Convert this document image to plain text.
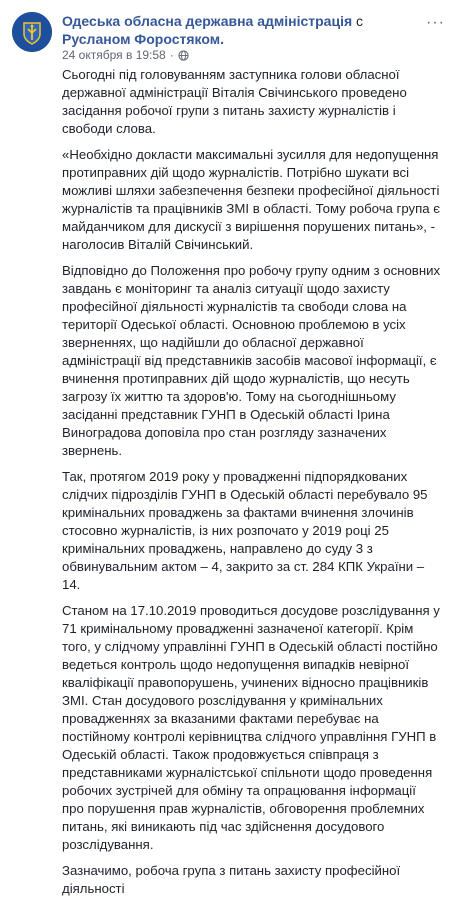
Одеська обласна державна адміністрація с Русланом Форостяком.
24 октября в 19:58 ·
···

Сьогодні під головуванням заступника голови обласної державної адміністрації Віталія Свічинського проведено засідання робочої групи з питань захисту журналістів і свободи слова.

«Необхідно докласти максимальні зусилля для недопущення протиправних дій щодо журналістів. Потрібно шукати всі можливі шляхи забезпечення безпеки професійної діяльності журналістів та працівників ЗМІ в області. Тому робоча група є майданчиком для дискусії з вирішення порушених питань», - наголосив Віталій Свічинський.

Відповідно до Положення про робочу групу одним з основних завдань є моніторинг та аналіз ситуації щодо захисту професійної діяльності журналістів та свободи слова на території Одеської області. Основною проблемою в усіх зверненнях, що надійшли до обласної державної адміністрації від представників засобів масової інформації, є вчинення протиправних дій щодо журналістів, що несуть загрозу їх життю та здоров'ю. Тому на сьогоднішньому засіданні представник ГУНП в Одеській області Ірина Виноградова доповіла про стан розгляду зазначених звернень.

Так, протягом 2019 року у провадженні підпорядкованих слідчих підрозділів ГУНП в Одеській області перебувало 95 кримінальних проваджень за фактами вчинення злочинів стосовно журналістів, із них розпочато у 2019 році 25 кримінальних проваджень, направлено до суду 3 з обвинувальним актом – 4, закрито за ст. 284 КПК України – 14.

Станом на 17.10.2019 проводиться досудове розслідування у 71 кримінальному провадженні зазначеної категорії. Крім того, у слідчому управлінні ГУНП в Одеській області постійно ведеться контроль щодо недопущення випадків невірної кваліфікації правопорушень, учинених відносно працівників ЗМІ. Стан досудового розслідування у кримінальних провадженнях за вказаними фактами перебуває на постійному контролі керівництва слідчого управління ГУНП в Одеській області. Також продовжується співпраця з представниками журналістської спільноти щодо проведення робочих зустрічей для обміну та опрацювання інформації про порушення прав журналістів, обговорення проблемних питань, які виникають під час здійснення досудового розслідування.

Зазначимо, робоча група з питань захисту професійної діяльності
